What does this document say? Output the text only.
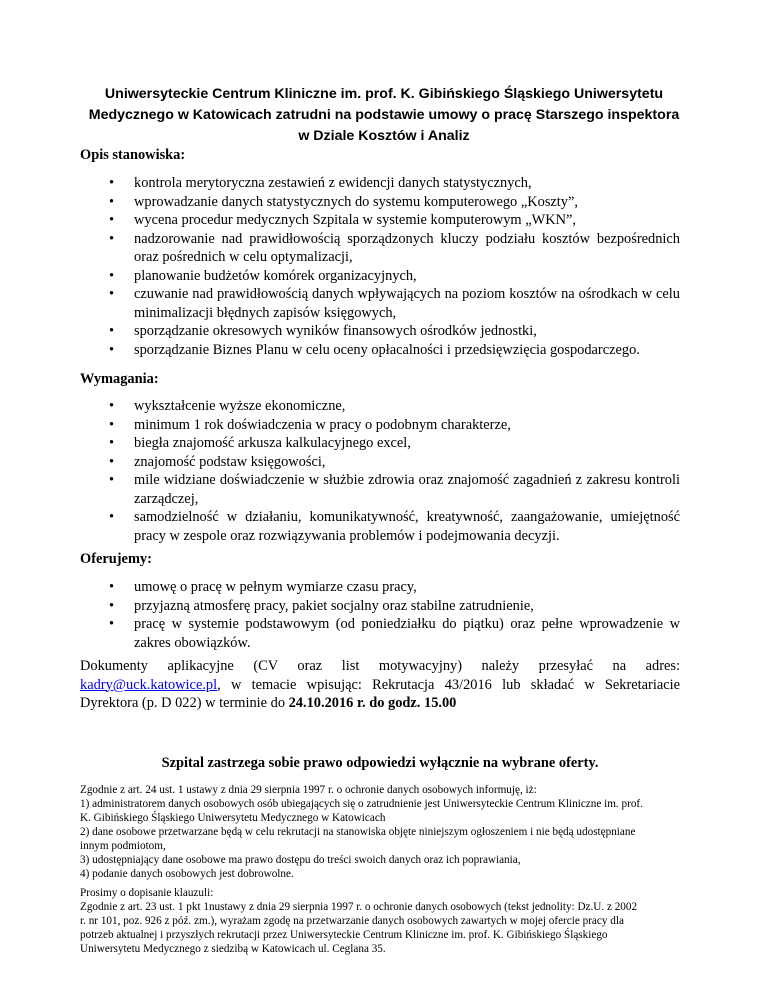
Uniwersyteckie Centrum Kliniczne im. prof. K. Gibińskiego Śląskiego Uniwersytetu
Medycznego w Katowicach zatrudni na podstawie umowy o pracę Starszego inspektora
w Dziale Kosztów i Analiz
Opis stanowiska:
• kontrola merytoryczna zestawień z ewidencji danych statystycznych,
• wprowadzanie danych statystycznych do systemu komputerowego „Koszty”,
• wycena procedur medycznych Szpitala w systemie komputerowym „WKN”,
• nadzorowanie nad prawidłowością sporządzonych kluczy podziału kosztów bezpośrednich oraz pośrednich w celu optymalizacji,
• planowanie budżetów komórek organizacyjnych,
• czuwanie nad prawidłowością danych wpływających na poziom kosztów na ośrodkach w celu minimalizacji błędnych zapisów księgowych,
• sporządzanie okresowych wyników finansowych ośrodków jednostki,
• sporządzanie Biznes Planu w celu oceny opłacalności i przedsięwzięcia gospodarczego.
Wymagania:
• wykształcenie wyższe ekonomiczne,
• minimum 1 rok doświadczenia w pracy o podobnym charakterze,
• biegła znajomość arkusza kalkulacyjnego excel,
• znajomość podstaw księgowości,
• mile widziane doświadczenie w służbie zdrowia oraz znajomość zagadnień z zakresu kontroli zarządczej,
• samodzielność w działaniu, komunikatywność, kreatywność, zaangażowanie, umiejętność pracy w zespole oraz rozwiązywania problemów i podejmowania decyzji.
Oferujemy:
• umowę o pracę w pełnym wymiarze czasu pracy,
• przyjazną atmosferę pracy, pakiet socjalny oraz stabilne zatrudnienie,
• pracę w systemie podstawowym (od poniedziałku do piątku) oraz pełne wprowadzenie w zakres obowiązków.
Dokumenty aplikacyjne (CV oraz list motywacyjny) należy przesyłać na adres:
kadry@uck.katowice.pl, w temacie wpisując: Rekrutacja 43/2016 lub składać w Sekretariacie
Dyrektora (p. D 022) w terminie do 24.10.2016 r. do godz. 15.00
Szpital zastrzega sobie prawo odpowiedzi wyłącznie na wybrane oferty.
Zgodnie z art. 24 ust. 1 ustawy z dnia 29 sierpnia 1997 r. o ochronie danych osobowych informuję, iż:
1) administratorem danych osobowych osób ubiegających się o zatrudnienie jest Uniwersyteckie Centrum Kliniczne im. prof.
K. Gibińskiego Śląskiego Uniwersytetu Medycznego w Katowicach
2) dane osobowe przetwarzane będą w celu rekrutacji na stanowiska objęte niniejszym ogłoszeniem i nie będą udostępniane
innym podmiotom,
3) udostępniający dane osobowe ma prawo dostępu do treści swoich danych oraz ich poprawiania,
4) podanie danych osobowych jest dobrowolne.
Prosimy o dopisanie klauzuli:
Zgodnie z art. 23 ust. 1 pkt 1nustawy z dnia 29 sierpnia 1997 r. o ochronie danych osobowych (tekst jednolity: Dz.U. z 2002
r. nr 101, poz. 926 z póź. zm.), wyrażam zgodę na przetwarzanie danych osobowych zawartych w mojej ofercie pracy dla
potrzeb aktualnej i przyszłych rekrutacji przez Uniwersyteckie Centrum Kliniczne im. prof. K. Gibińskiego Śląskiego
Uniwersytetu Medycznego z siedzibą w Katowicach ul. Ceglana 35.
